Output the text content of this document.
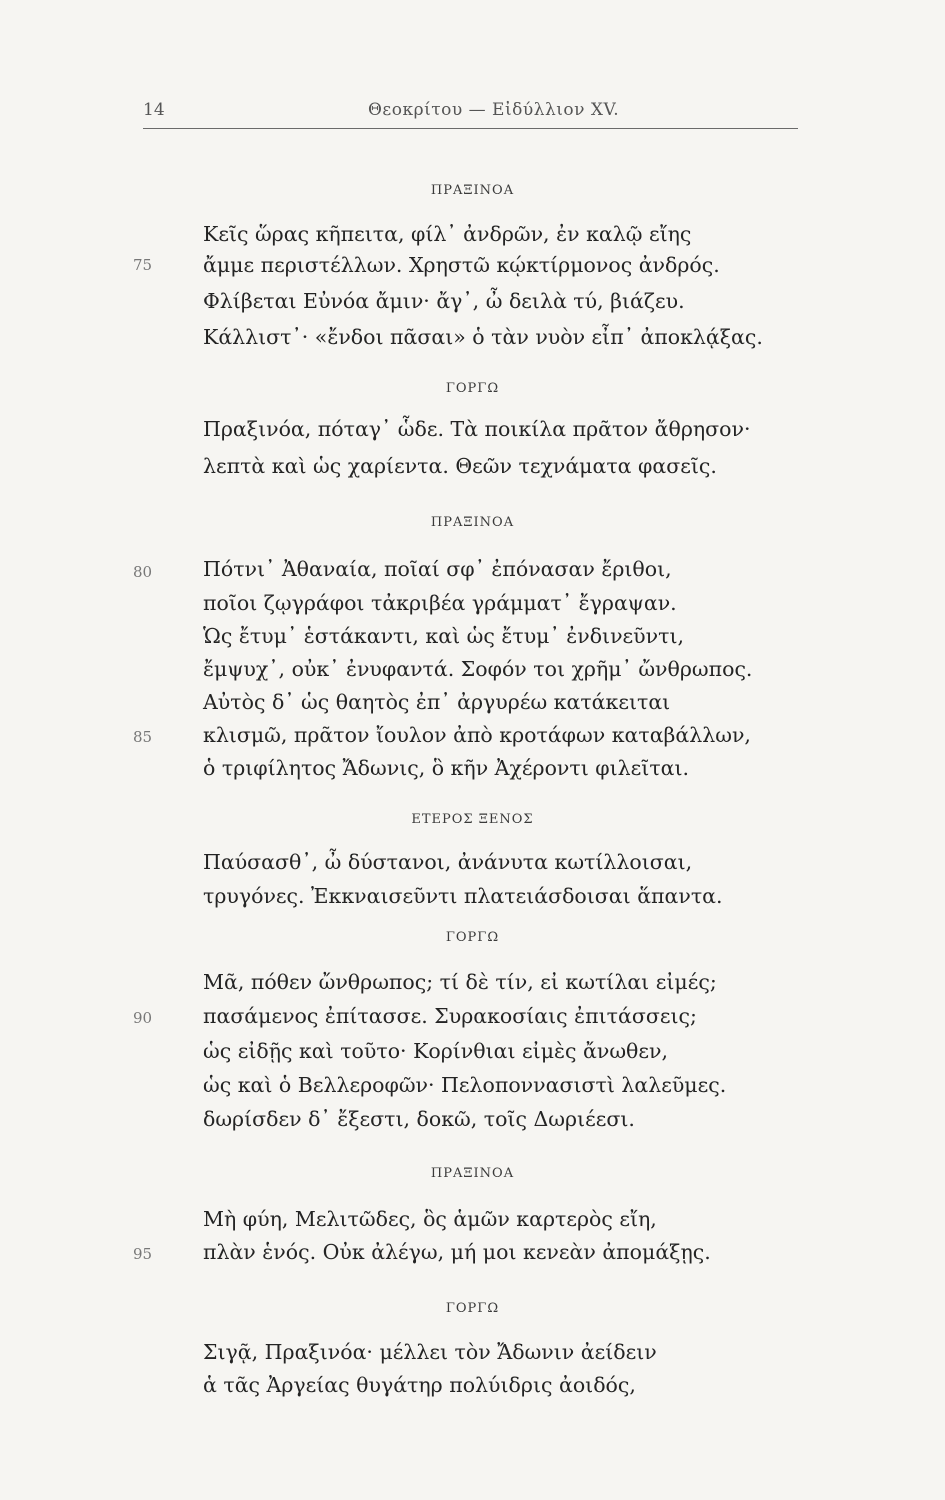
14	Θεοκρίτου — Εἰδύλλιον ΧV.
ΠΡΑΞΙΝΟΑ
Κεῖς ὥρας κῆπειτα, φίλ᾽ ἀνδρῶν, ἐν καλῷ εἴης
75 ἄμμε περιστέλλων. Χρηστῶ κῴκτίρμονος ἀνδρός.
Φλίβεται Εὐνόα ἄμιν· ἄγ᾽, ὦ δειλὰ τύ, βιάζευ.
Κάλλιστ᾽· «ἔνδοι πᾶσαι» ὁ τὰν νυὸν εἶπ᾽ ἀποκλᾴξας.
ΓΟΡΓΩ
Πραξινόα, πόταγ᾽ ὧδε. Τὰ ποικίλα πρᾶτον ἄθρησον·
λεπτὰ καὶ ὡς χαρίεντα. Θεῶν τεχνάματα φασεῖς.
ΠΡΑΞΙΝΟΑ
80 Πότνι᾽ Ἀθαναία, ποῖαί σφ᾽ ἐπόνασαν ἔριθοι,
ποῖοι ζῳγράφοι τἀκριβέα γράμματ᾽ ἔγραψαν.
Ὡς ἔτυμ᾽ ἑστάκαντι, καὶ ὡς ἔτυμ᾽ ἐνδινεῦντι,
ἔμψυχ᾽, οὐκ᾽ ἐνυφαντά. Σοφόν τοι χρῆμ᾽ ὤνθρωπος.
Αὐτὸς δ᾽ ὡς θαητὸς ἐπ᾽ ἀργυρέω κατάκειται
85 κλισμῶ, πρᾶτον ἴουλον ἀπὸ κροτάφων καταβάλλων,
ὁ τριφίλητος Ἄδωνις, ὃ κῆν Ἀχέροντι φιλεῖται.
ΕΤΕΡΟΣ ΞΕΝΟΣ
Παύσασθ᾽, ὦ δύστανοι, ἀνάνυτα κωτίλλοισαι,
τρυγόνες. Ἐκκναισεῦντι πλατειάσδοισαι ἅπαντα.
ΓΟΡΓΩ
Μᾶ, πόθεν ὤνθρωπος; τί δὲ τίν, εἰ κωτίλαι εἰμές;
90 πασάμενος ἐπίτασσε. Συρακοσίαις ἐπιτάσσεις;
ὡς εἰδῇς καὶ τοῦτο· Κορίνθιαι εἰμὲς ἄνωθεν,
ὡς καὶ ὁ Βελλεροφῶν· Πελοποννασιστὶ λαλεῦμες.
δωρίσδεν δ᾽ ἔξεστι, δοκῶ, τοῖς Δωριέεσι.
ΠΡΑΞΙΝΟΑ
Μὴ φύη, Μελιτῶδες, ὃς ἁμῶν καρτερὸς εἴη,
95 πλὰν ἑνός. Οὐκ ἀλέγω, μή μοι κενεὰν ἀπομάξῃς.
ΓΟΡΓΩ
Σιγᾷ, Πραξινόα· μέλλει τὸν Ἄδωνιν ἀείδειν
ἁ τᾶς Ἀργείας θυγάτηρ πολύιδρις ἀοιδός,
